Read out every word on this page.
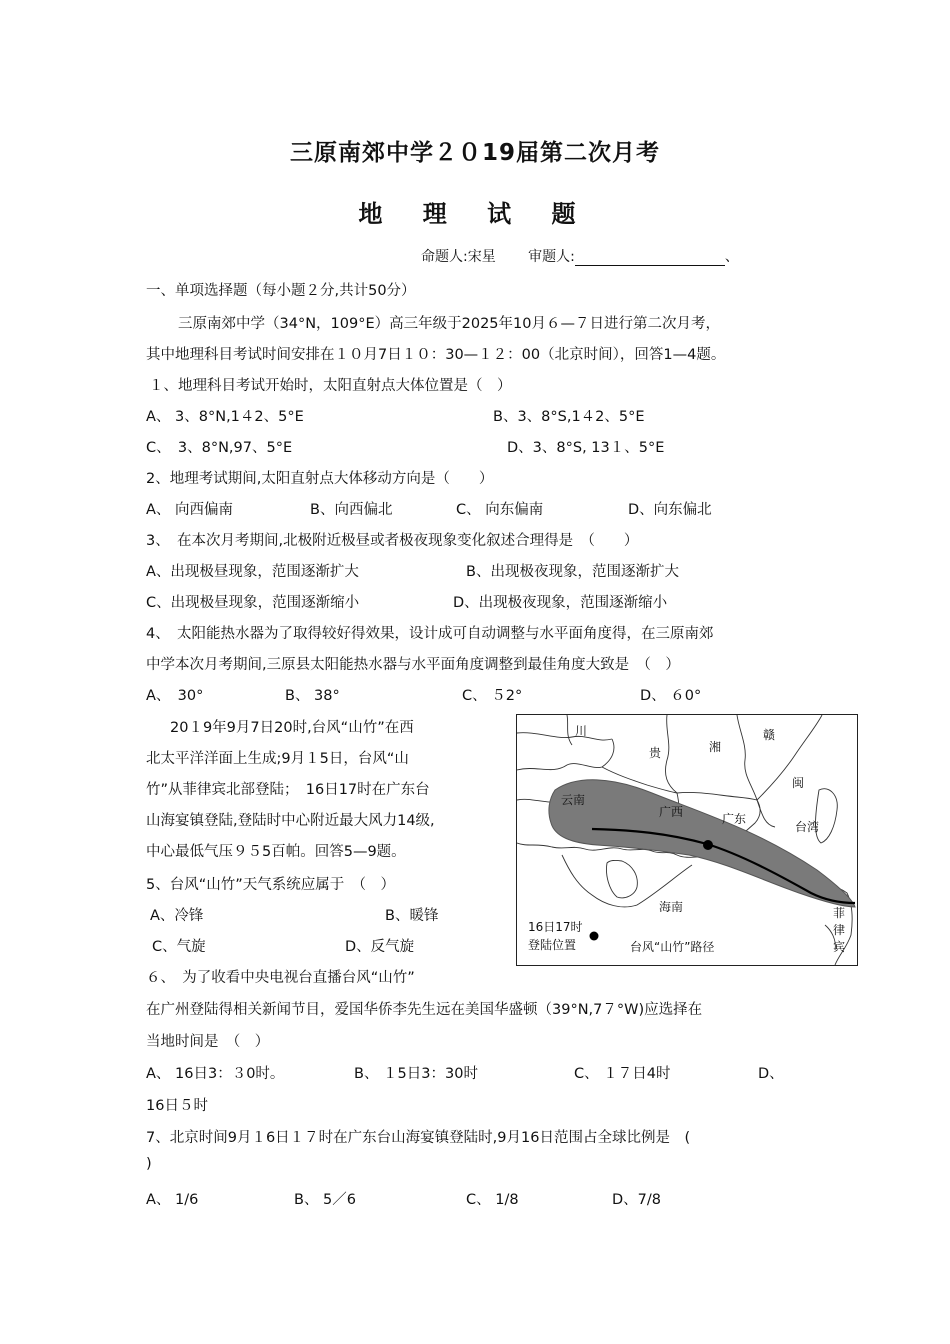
三原南郊中学２０19届第二次月考
地 理 试 题
命题人:宋星　　 审题人:	、
一、单项选择题（每小题２分,共计50分）
三原南郊中学（34°N，109°E）高三年级于2025年10月６—７日进行第二次月考，
其中地理科目考试时间安排在１０月7日１０：30—１２：00（北京时间），回答1—4题。
１、地理科目考试开始时，太阳直射点大体位置是（　）
A、 3、8°N,1４2、5°E	B、3、8°S,1４2、5°E
C、　3、8°N,97、5°E	D、3、8°S, 13１、5°E
2、地理考试期间,太阳直射点大体移动方向是（　　）
A、 向西偏南	B、向西偏北	C、 向东偏南	D、向东偏北
3、　在本次月考期间,北极附近极昼或者极夜现象变化叙述合理得是　（　　）
A、出现极昼现象，范围逐渐扩大	B、出现极夜现象，范围逐渐扩大
C、出现极昼现象，范围逐渐缩小	D、出现极夜现象，范围逐渐缩小
4、　太阳能热水器为了取得较好得效果，设计成可自动调整与水平面角度得，在三原南郊
中学本次月考期间,三原县太阳能热水器与水平面角度调整到最佳角度大致是　（　）
A、　30°	B、 38°	C、 ５2°	D、 ６0°
20１9年9月7日20时,台风“山竹”在西
北太平洋洋面上生成;9月１5日，台风“山
竹”从菲律宾北部登陆；　16日17时在广东台
山海宴镇登陆,登陆时中心附近最大风力14级,
中心最低气压９５5百帕。回答5—9题。
5、台风“山竹”天气系统应属于　（　）
A、冷锋	B、暖锋
C、气旋	D、反气旋
川
贵	湘
赣
闽
云南
广西	广东
台湾
海南	菲
律
宾
16日17时
登陆位置	台风“山竹”路径
６、　为了收看中央电视台直播台风“山竹”
在广州登陆得相关新闻节目，爱国华侨李先生远在美国华盛顿（39°N,7７°W)应选择在
当地时间是　（　）
A、 16日3：３0时。	B、 １5日3：30时	C、 １７日4时	D、
16日５时
7、北京时间9月１6日１７时在广东台山海宴镇登陆时,9月16日范围占全球比例是　(
)
A、 1/6	B、 5／6	C、 1/8	D、7/8
